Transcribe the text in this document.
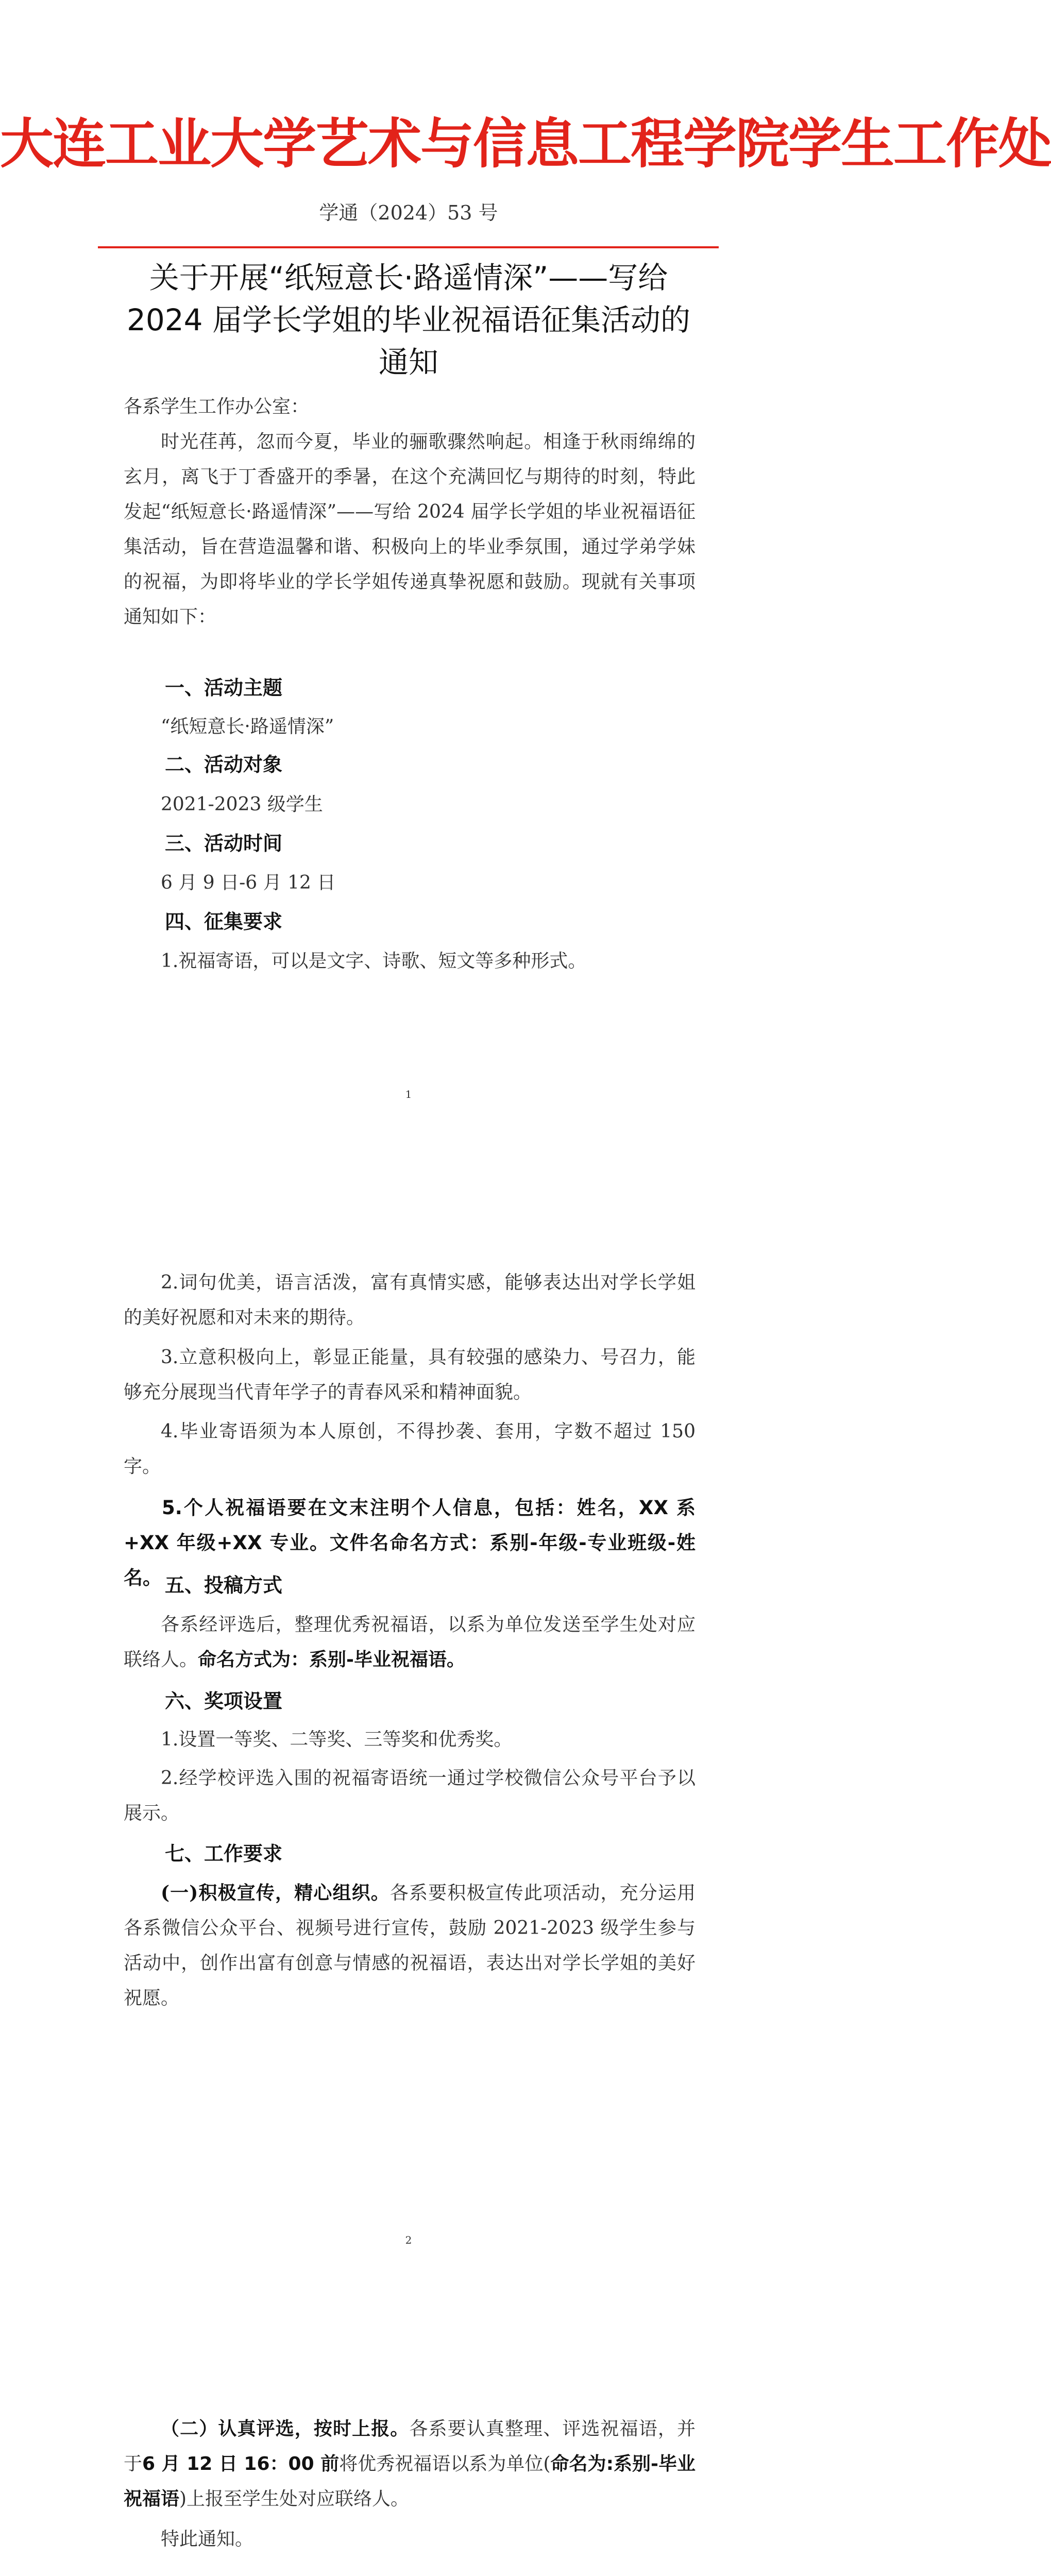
大连工业大学艺术与信息工程学院学生工作处
学通（2024）53 号
关于开展“纸短意长·路遥情深”——写给
2024 届学长学姐的毕业祝福语征集活动的
通知
各系学生工作办公室：
时光荏苒，忽而今夏，毕业的骊歌骤然响起。相逢于秋雨绵绵的玄月，离飞于丁香盛开的季暑，在这个充满回忆与期待的时刻，特此发起“纸短意长·路遥情深”——写给 2024 届学长学姐的毕业祝福语征集活动，旨在营造温馨和谐、积极向上的毕业季氛围，通过学弟学妹的祝福，为即将毕业的学长学姐传递真挚祝愿和鼓励。现就有关事项通知如下：
一、活动主题
“纸短意长·路遥情深”
二、活动对象
2021-2023 级学生
三、活动时间
6 月 9 日-6 月 12 日
四、征集要求
1.祝福寄语，可以是文字、诗歌、短文等多种形式。
1
2.词句优美，语言活泼，富有真情实感，能够表达出对学长学姐的美好祝愿和对未来的期待。
3.立意积极向上，彰显正能量，具有较强的感染力、号召力，能够充分展现当代青年学子的青春风采和精神面貌。
4.毕业寄语须为本人原创，不得抄袭、套用，字数不超过 150 字。
5.个人祝福语要在文末注明个人信息，包括：姓名，XX 系+XX 年级+XX 专业。文件名命名方式：系别-年级-专业班级-姓名。 五、投稿方式
各系经评选后，整理优秀祝福语，以系为单位发送至学生处对应联络人。命名方式为：系别-毕业祝福语。
六、奖项设置
1.设置一等奖、二等奖、三等奖和优秀奖。
2.经学校评选入围的祝福寄语统一通过学校微信公众号平台予以展示。
七、工作要求
(一)积极宣传，精心组织。各系要积极宣传此项活动，充分运用各系微信公众平台、视频号进行宣传，鼓励 2021-2023 级学生参与活动中，创作出富有创意与情感的祝福语，表达出对学长学姐的美好祝愿。
2
（二）认真评选，按时上报。各系要认真整理、评选祝福语，并于6 月 12 日 16：00 前将优秀祝福语以系为单位(命名为:系别-毕业祝福语)上报至学生处对应联络人。
特此通知。
